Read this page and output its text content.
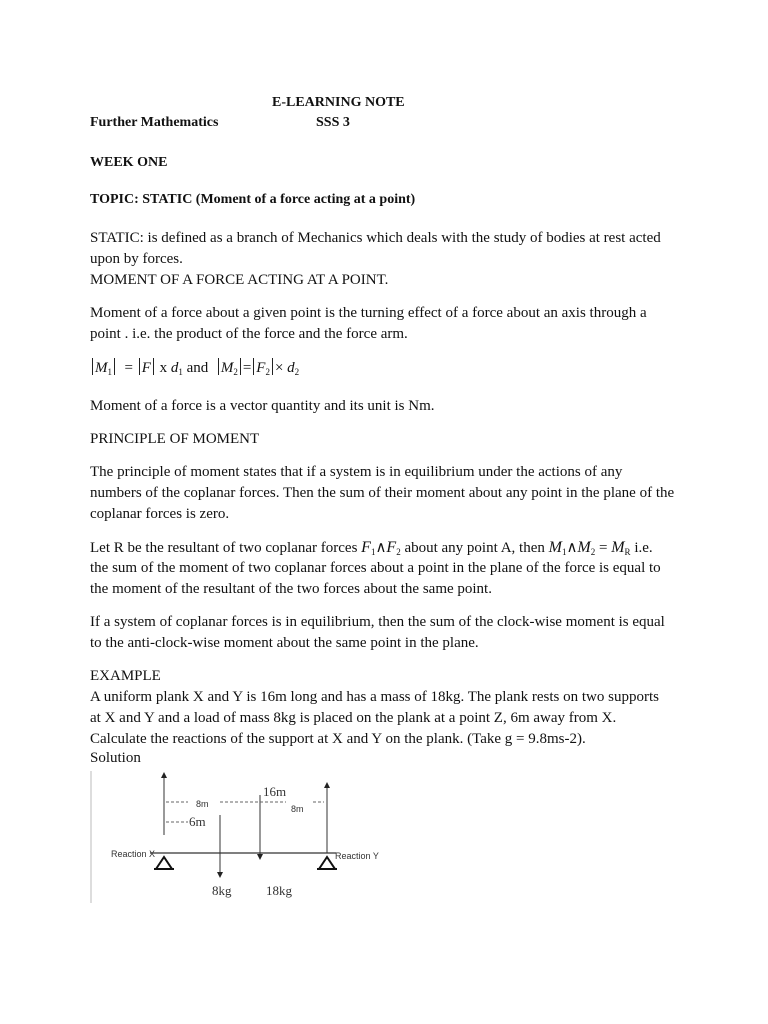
E-LEARNING NOTE
Further Mathematics	SSS 3
WEEK ONE
TOPIC: STATIC (Moment of a force acting at a point)
STATIC: is defined as a branch of Mechanics which deals with the study of bodies at rest acted
upon by forces.
MOMENT OF A FORCE ACTING AT A POINT.
Moment of a force about a given point is the turning effect of a force about an axis through a
point . i.e. the product of the force and the force arm.
$M_1 = F$ x $d_1$ and $M_2 = F_2 \times d_2$
Moment of a force is a vector quantity and its unit is Nm.
PRINCIPLE OF MOMENT
The principle of moment states that if a system is in equilibrium under the actions of any
numbers of the coplanar forces. Then the sum of their moment about any point in the plane of the
coplanar forces is zero.
Let R be the resultant of two coplanar forces $F_1\wedge F_2$ about any point A, then $M_1\wedge M_2 = M_R$ i.e.
the sum of the moment of two coplanar forces about a point in the plane of the force is equal to
the moment of the resultant of the two forces about the same point.
If a system of coplanar forces is in equilibrium, then the sum of the clock-wise moment is equal
to the anti-clock-wise moment about the same point in the plane.
EXAMPLE
A uniform plank X and Y is 16m long and has a mass of 18kg. The plank rests on two supports
at X and Y and a load of mass 8kg is placed on the plank at a point Z, 6m away from X.
Calculate the reactions of the support at X and Y on the plank. (Take g = 9.8ms-2).
Solution
16m
8m	8m
6m
Reaction X	Reaction Y
8kg	18kg
